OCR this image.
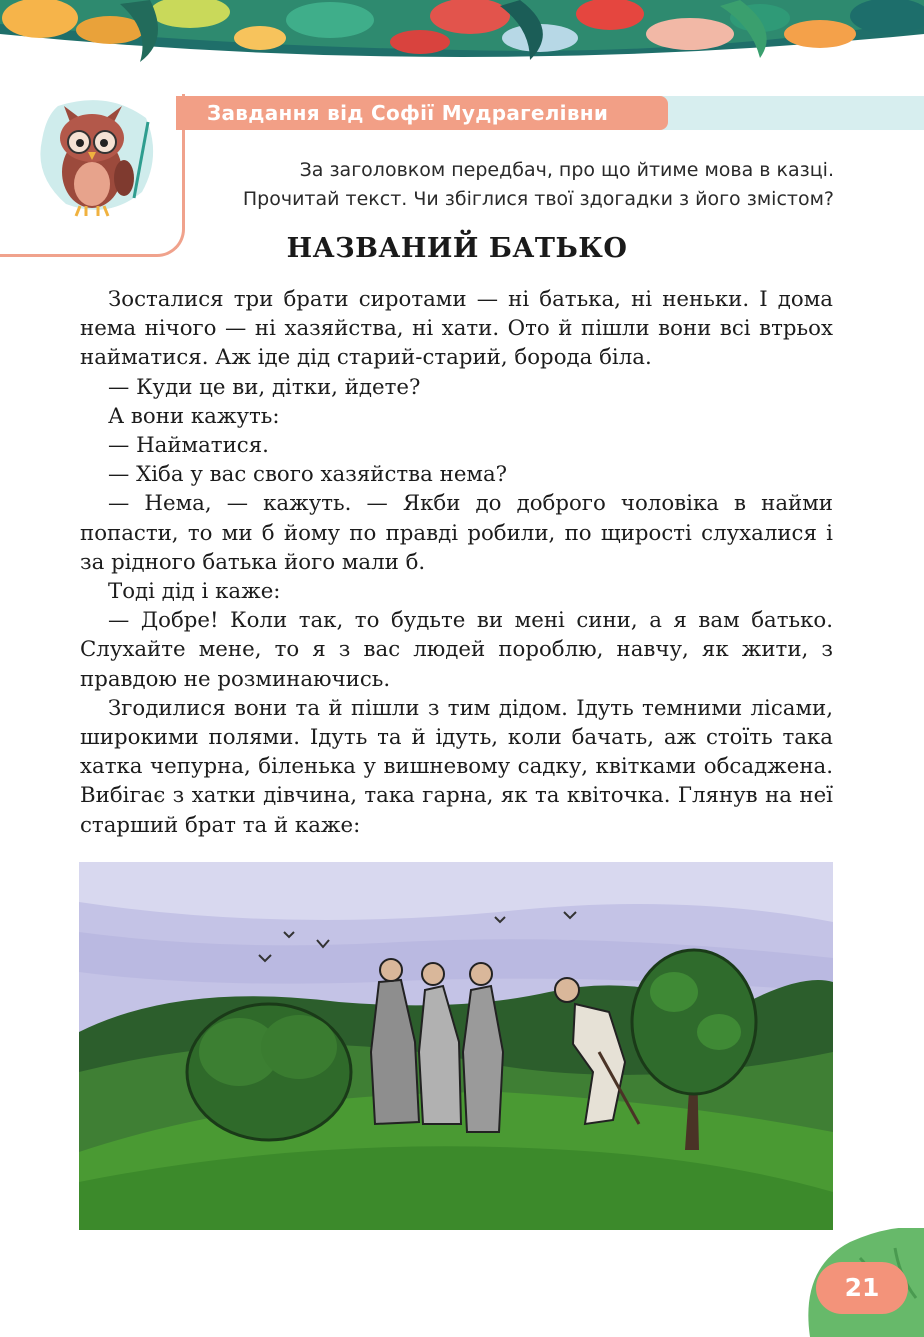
Завдання від Софії Мудрагелівни
За заголовком передбач, про що йтиме мова в казці.
Прочитай текст. Чи збіглися твої здогадки з його змістом?
НАЗВАНИЙ БАТЬКО

Зосталися три брати сиротами — ні батька, ні неньки. І дома нема нічого — ні хазяйства, ні хати. Ото й пішли вони всі втрьох найматися. Аж іде дід старий-старий, борода біла.

— Куди це ви, дітки, йдете?

А вони кажуть:

— Найматися.

— Хіба у вас свого хазяйства нема?

— Нема, — кажуть. — Якби до доброго чоловіка в найми попасти, то ми б йому по правді робили, по щирості слухалися і за рідного батька його мали б.

Тоді дід і каже:

— Добре! Коли так, то будьте ви мені сини, а я вам батько. Слухайте мене, то я з вас людей пороблю, навчу, як жити, з правдою не розминаючись.

Згодилися вони та й пішли з тим дідом. Ідуть темними лісами, широкими полями. Ідуть та й ідуть, коли бачать, аж стоїть така хатка чепурна, біленька у вишневому садку, квітками обсаджена. Вибігає з хатки дівчина, така гарна, як та квіточка. Глянув на неї старший брат та й каже:

21
